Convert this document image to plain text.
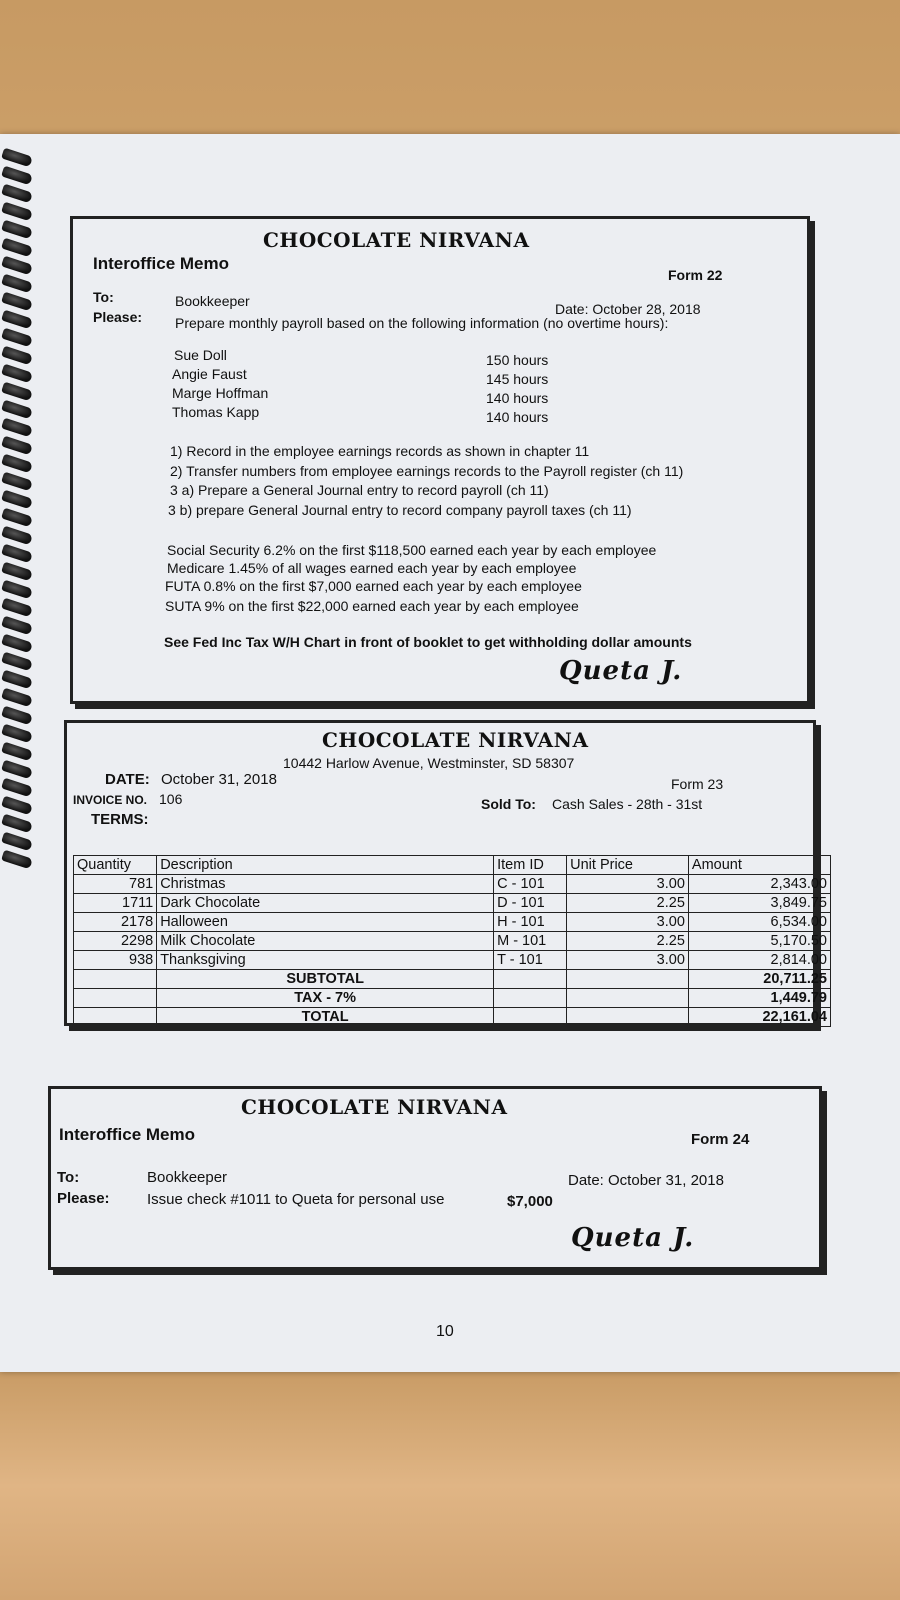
CHOCOLATE NIRVANA
Interoffice Memo
Form 22
To:	Bookkeeper	Date: October 28, 2018
Please: Prepare monthly payroll based on the following information (no overtime hours):
Sue Doll	150 hours
Angie Faust	145 hours
Marge Hoffman	140 hours
Thomas Kapp	140 hours
1) Record in the employee earnings records as shown in chapter 11
2) Transfer numbers from employee earnings records to the Payroll register (ch 11)
3 a) Prepare a General Journal entry to record payroll (ch 11)
3 b) prepare General Journal entry to record company payroll taxes (ch 11)
Social Security 6.2% on the first $118,500 earned each year by each employee
Medicare 1.45% of all wages earned each year by each employee
FUTA 0.8% on the first $7,000 earned each year by each employee
SUTA 9% on the first $22,000 earned each year by each employee
See Fed Inc Tax W/H Chart in front of booklet to get withholding dollar amounts
Queta J.
CHOCOLATE NIRVANA
10442 Harlow Avenue, Westminster, SD 58307
DATE: October 31, 2018	Form 23
INVOICE NO. 106	Sold To: Cash Sales - 28th - 31st
TERMS:
Quantity	Description	Item ID	Unit Price	Amount
781	Christmas	C - 101	3.00	2,343.00
1711	Dark Chocolate	D - 101	2.25	3,849.75
2178	Halloween	H - 101	3.00	6,534.00
2298	Milk Chocolate	M - 101	2.25	5,170.50
938	Thanksgiving	T - 101	3.00	2,814.00
	SUBTOTAL			20,711.25
	TAX - 7%			1,449.79
	TOTAL			22,161.04
CHOCOLATE NIRVANA
Interoffice Memo	Form 24
To:	Bookkeeper	Date: October 31, 2018
Please: Issue check #1011 to Queta for personal use	$7,000
Queta J.
10
